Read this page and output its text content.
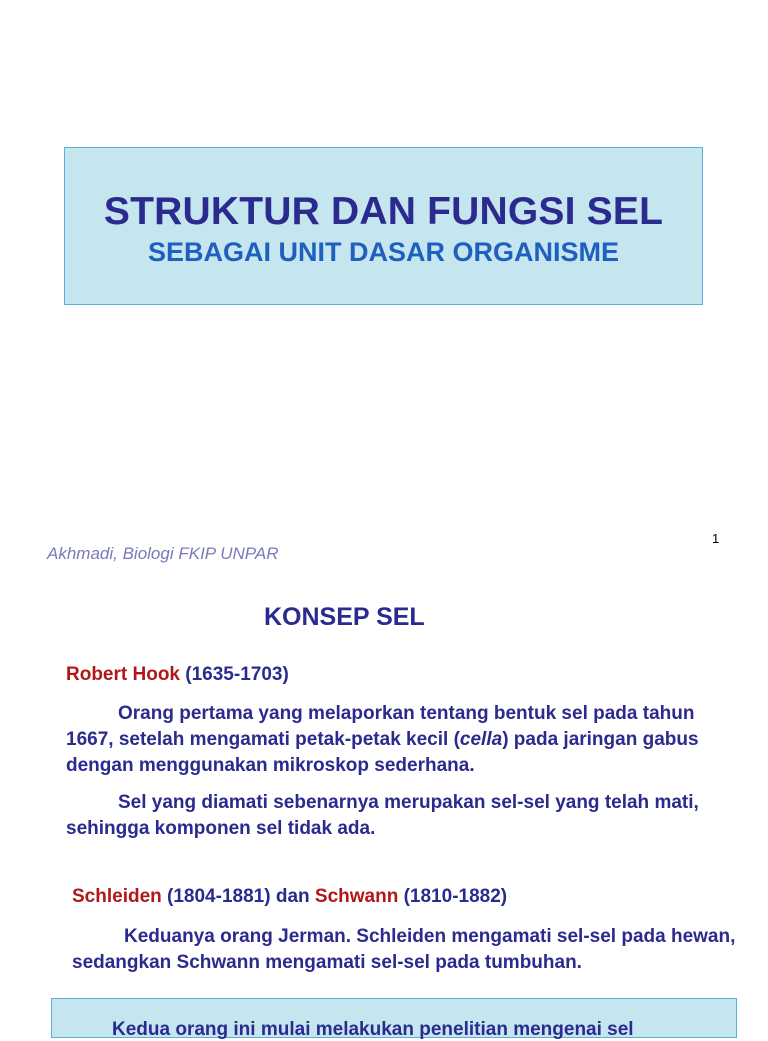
STRUKTUR DAN FUNGSI SEL
SEBAGAI UNIT DASAR ORGANISME
1
Akhmadi, Biologi FKIP UNPAR
KONSEP SEL
Robert Hook (1635-1703)

Orang pertama yang melaporkan tentang bentuk sel pada tahun 1667, setelah mengamati petak-petak kecil (cella) pada jaringan gabus dengan menggunakan mikroskop sederhana.

Sel yang diamati sebenarnya merupakan sel-sel yang telah mati, sehingga komponen sel tidak ada.

Schleiden (1804-1881) dan Schwann (1810-1882)

Keduanya orang Jerman. Schleiden mengamati sel-sel pada hewan, sedangkan Schwann mengamati sel-sel pada tumbuhan.

Kedua orang ini mulai melakukan penelitian mengenai sel
